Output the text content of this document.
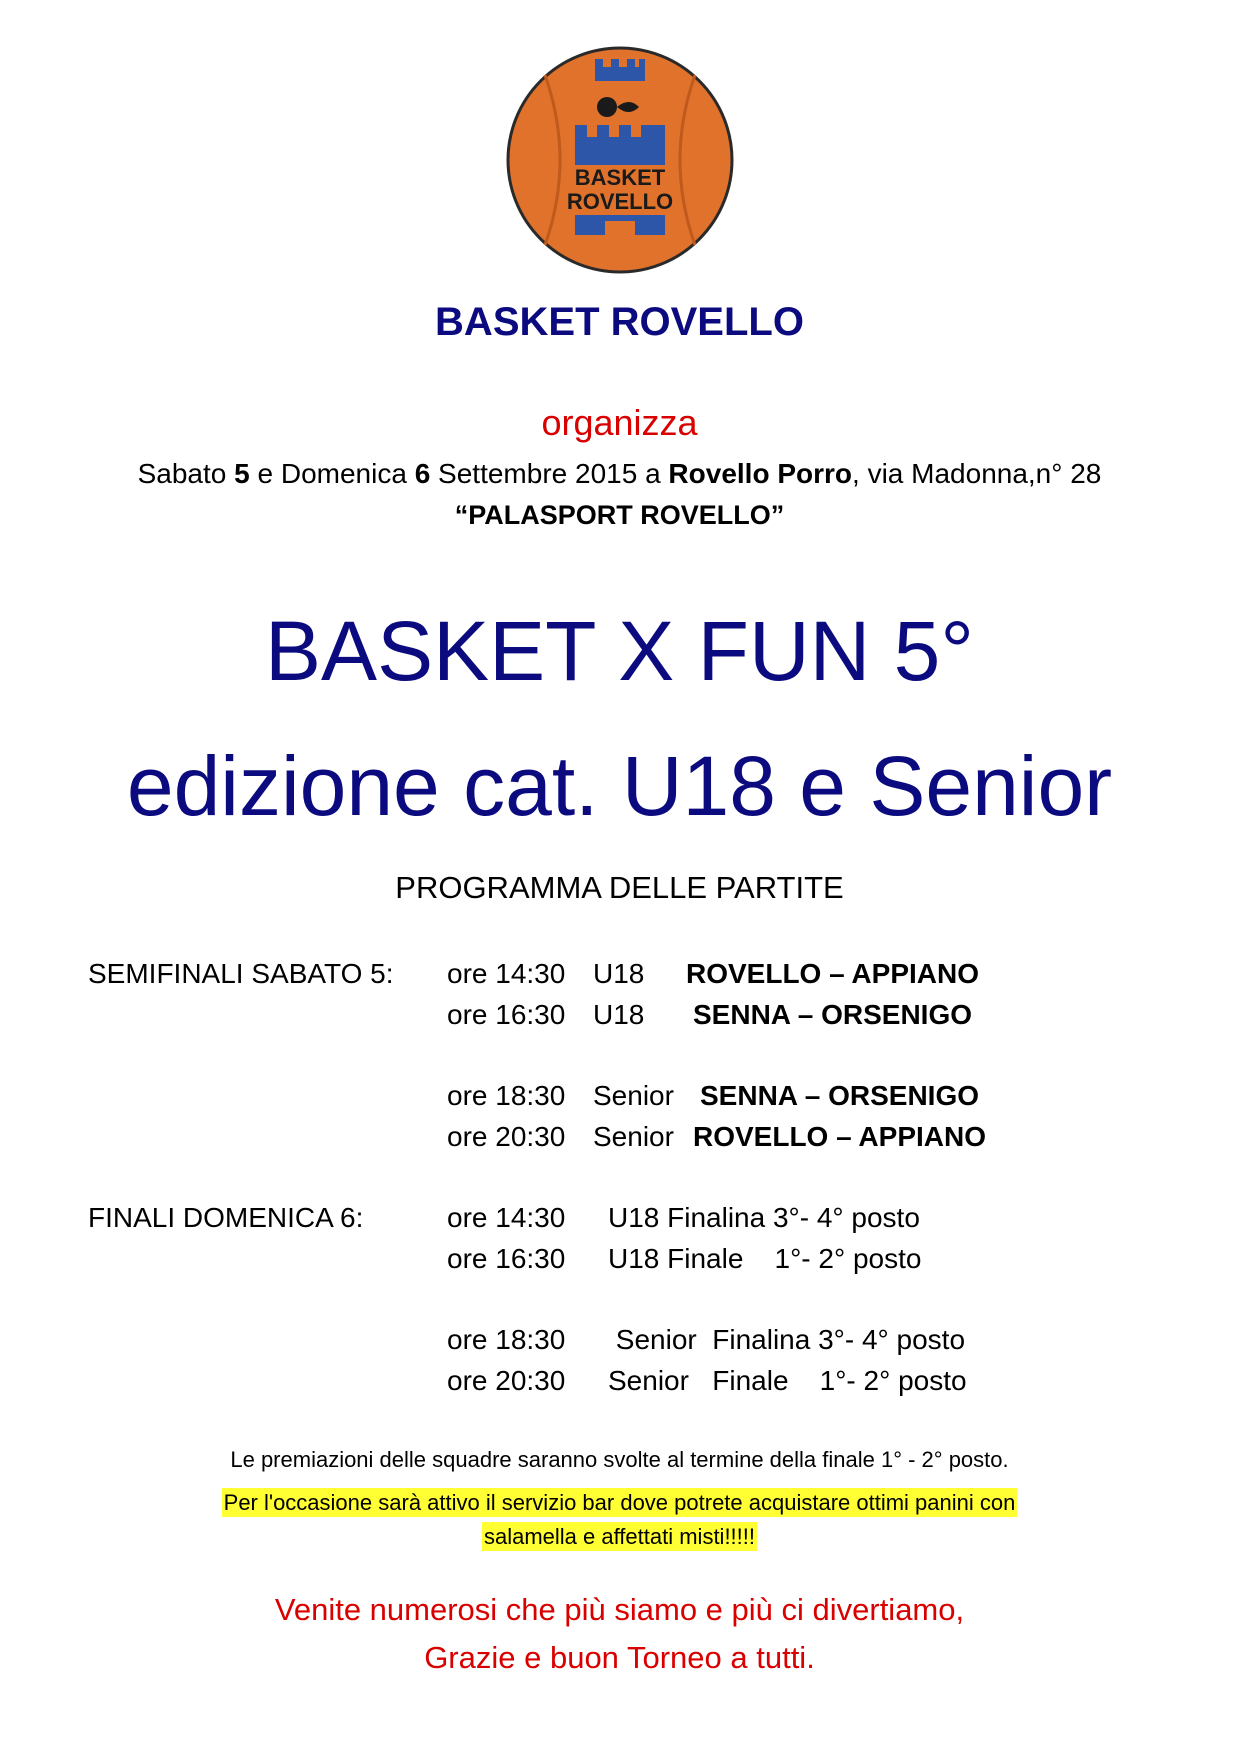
BASKET
ROVELLO
BASKET ROVELLO
organizza
Sabato 5 e Domenica 6 Settembre 2015 a Rovello Porro, via Madonna,n° 28
“PALASPORT ROVELLO”
BASKET X FUN 5°
edizione cat. U18 e Senior
PROGRAMMA DELLE PARTITE
SEMIFINALI SABATO 5: ore 14:30 U18 ROVELLO – APPIANO
ore 16:30 U18 SENNA – ORSENIGO
ore 18:30 Senior SENNA – ORSENIGO
ore 20:30 Senior ROVELLO – APPIANO
FINALI DOMENICA 6:	ore 14:30 U18 Finalina 3°- 4° posto
ore 16:30 U18 Finale    1°- 2° posto
ore 18:30 Senior  Finalina 3°- 4° posto
ore 20:30 Senior   Finale    1°- 2° posto
Le premiazioni delle squadre saranno svolte al termine della finale 1° - 2° posto.
Per l'occasione sarà attivo il servizio bar dove potrete acquistare ottimi panini con
salamella e affettati misti!!!!!
Venite numerosi che più siamo e più ci divertiamo,
Grazie e buon Torneo a tutti.
